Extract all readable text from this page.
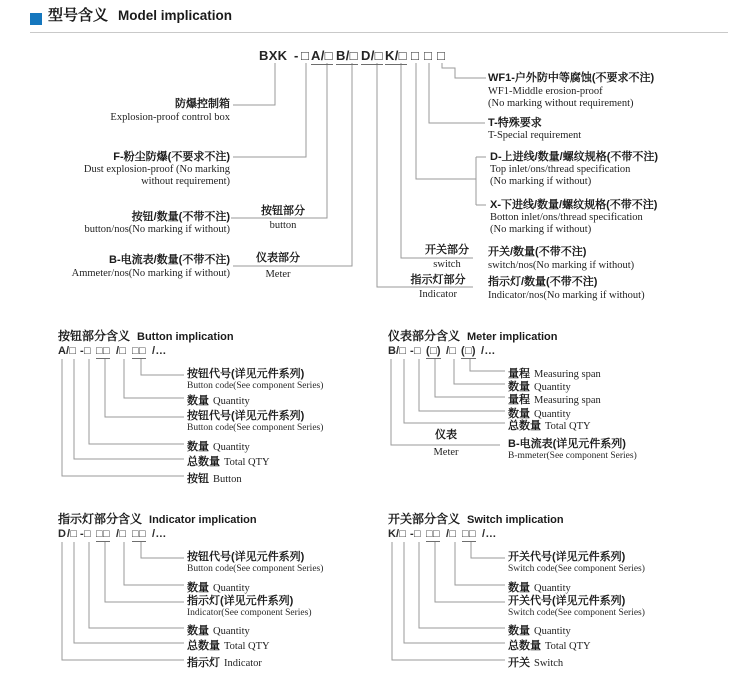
型号含义 Model implication
BXK - □ A/□ B/□ D/□ K/□ □ □ □
防爆控制箱
Explosion-proof control box
F-粉尘防爆(不要求不注)
Dust explosion-proof (No marking
without requirement)
按钮/数量(不带不注)
button/nos(No marking if without)
B-电流表/数量(不带不注)
Ammeter/nos(No marking if without)
按钮部分
button
仪表部分
Meter
开关部分
switch
指示灯部分
Indicator
WF1-户外防中等腐蚀(不要求不注)
WF1-Middle erosion-proof
(No marking without requirement)
T-特殊要求
T-Special requirement
D-上进线/数量/螺纹规格(不带不注)
Top inlet/ons/thread specification
(No marking if without)
X-下进线/数量/螺纹规格(不带不注)
Botton inlet/ons/thread specification
(No marking if without)
开关/数量(不带不注)
switch/nos(No marking if without)
指示灯/数量(不带不注)
Indicator/nos(No marking if without)
按钮部分含义 Button implication
A /□ -□ □□ /□ □□ /…
按钮代号(详见元件系列)
Button code(See component Series)
数量 Quantity
按钮代号(详见元件系列)
Button code(See component Series)
数量 Quantity
总数量 Total QTY
按钮 Button
仪表部分含义 Meter implication
B /□ -□ (□) /□ (□) /…
量程 Measuring span
数量 Quantity
量程 Measuring span
数量 Quantity
总数量 Total QTY
仪表
Meter
B-电流表(详见元件系列)
B-mmeter(See component Series)
指示灯部分含义 Indicator implication
D /□ -□ □□ /□ □□ /…
按钮代号(详见元件系列)
Button code(See component Series)
数量 Quantity
指示灯(详见元件系列)
Indicator(See component Series)
数量 Quantity
总数量 Total QTY
指示灯 Indicator
开关部分含义 Switch implication
K /□ -□ □□ /□ □□ /…
开关代号(详见元件系列)
Switch code(See component Series)
数量 Quantity
开关代号(详见元件系列)
Switch code(See component Series)
数量 Quantity
总数量 Total QTY
开关 Switch
